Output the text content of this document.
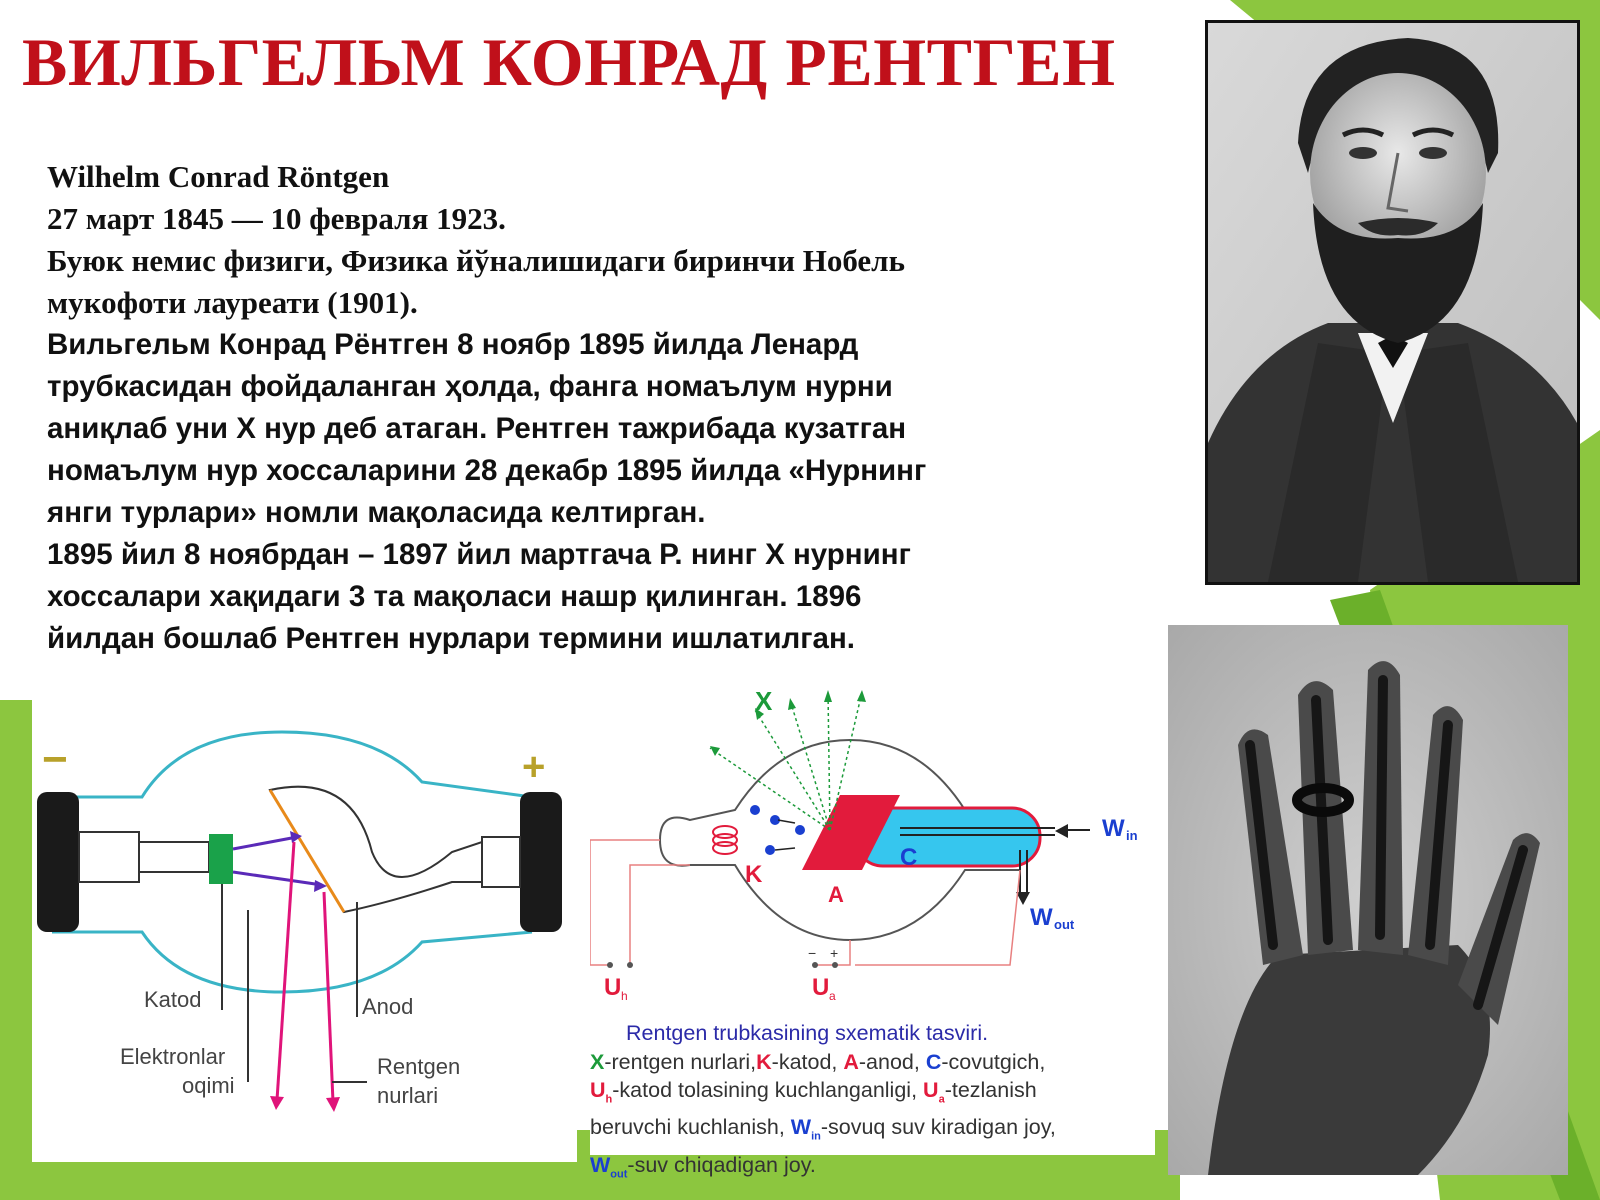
ВИЛЬГЕЛЬМ КОНРАД РЕНТГЕН

Wilhelm Conrad Röntgen

27 март 1845 — 10 февраля 1923.

Буюк немис физиги, Физика йўналишидаги биринчи Нобель

мукофоти лауреати (1901).

Вильгельм Конрад Рёнтген 8 ноябр 1895 йилда Ленард

трубкасидан фойдаланган ҳолда, фанга номаълум нурни

аниқлаб уни Х нур деб атаган. Рентген тажрибада кузатган

номаълум нур хоссаларини 28 декабр 1895 йилда «Нурнинг

янги турлари» номли мақоласида келтирган.

1895 йил 8 ноябрдан – 1897 йил мартгача Р. нинг Х нурнинг

хоссалари хақидаги 3 та мақоласи нашр қилинган. 1896

йилдан бошлаб Рентген нурлари термини ишлатилган.

−	+
Katod	Anod
Elektronlar
oqimi
Rentgen
nurlari
X
K
A
C
W in
W out
U h	U a
− +

Rentgen trubkasining sxematik tasviri.

X-rentgen nurlari,K-katod, A-anod, C-covutgich,

$U_h$-katod tolasining kuchlanganligi, $U_a$-tezlanish

beruvchi kuchlanish, $W_{in}$-sovuq suv kiradigan joy,

$W_{out}$-suv chiqadigan joy.
